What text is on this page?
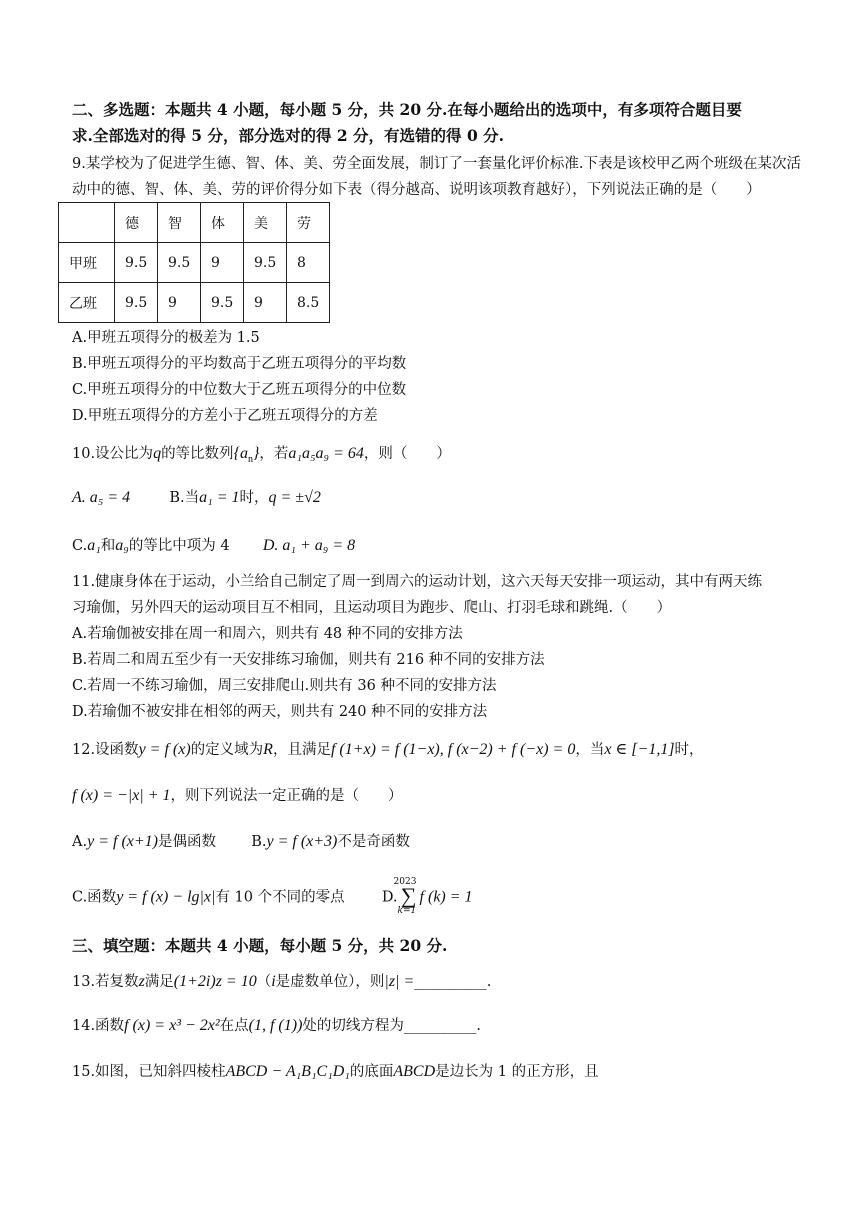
二、多选题：本题共 4 小题，每小题 5 分，共 20 分.在每小题给出的选项中，有多项符合题目要
求.全部选对的得 5 分，部分选对的得 2 分，有选错的得 0 分.
9.某学校为了促进学生德、智、体、美、劳全面发展，制订了一套量化评价标准.下表是该校甲乙两个班级在某次活
动中的德、智、体、美、劳的评价得分如下表（得分越高、说明该项教育越好），下列说法正确的是（　　）
	德	智	体	美	劳
甲班	9.5	9.5	9	9.5	8
乙班	9.5	9	9.5	9	8.5
A.甲班五项得分的极差为 1.5
B.甲班五项得分的平均数高于乙班五项得分的平均数
C.甲班五项得分的中位数大于乙班五项得分的中位数
D.甲班五项得分的方差小于乙班五项得分的方差
10.设公比为q的等比数列$\{a_n\}$，若a₁a₅a₉ = 64，则（　　）
A. a₅ = 4	B.当a₁ = 1时，q = ±√2
C.a₁和a₉的等比中项为 4 D. a₁ + a₉ = 8
11.健康身体在于运动，小兰给自己制定了周一到周六的运动计划，这六天每天安排一项运动，其中有两天练
习瑜伽，另外四天的运动项目互不相同，且运动项目为跑步、爬山、打羽毛球和跳绳.（　　）
A.若瑜伽被安排在周一和周六，则共有 48 种不同的安排方法
B.若周二和周五至少有一天安排练习瑜伽，则共有 216 种不同的安排方法
C.若周一不练习瑜伽，周三安排爬山.则共有 36 种不同的安排方法
D.若瑜伽不被安排在相邻的两天，则共有 240 种不同的安排方法
12.设函数y = f (x)的定义域为R，且满足f (1+x) = f (1−x), f (x−2) + f (−x) = 0，当x ∈ [−1,1]时，
f (x) = −|x| + 1，则下列说法一定正确的是（　　）
A.y = f (x+1)是偶函数 B.y = f (x+3)不是奇函数
C.函数y = f (x) − lg|x|有 10 个不同的零点	D.
2023
∑
k=1
f (k) = 1
三、填空题：本题共 4 小题，每小题 5 分，共 20 分.
13.若复数z满足(1+2i)z = 10（i是虚数单位），则|z| =__________.
14.函数f (x) = x³ − 2x²在点(1, f (1))处的切线方程为__________.
15.如图，已知斜四棱柱ABCD − A₁B₁C₁D₁的底面ABCD是边长为 1 的正方形，且
